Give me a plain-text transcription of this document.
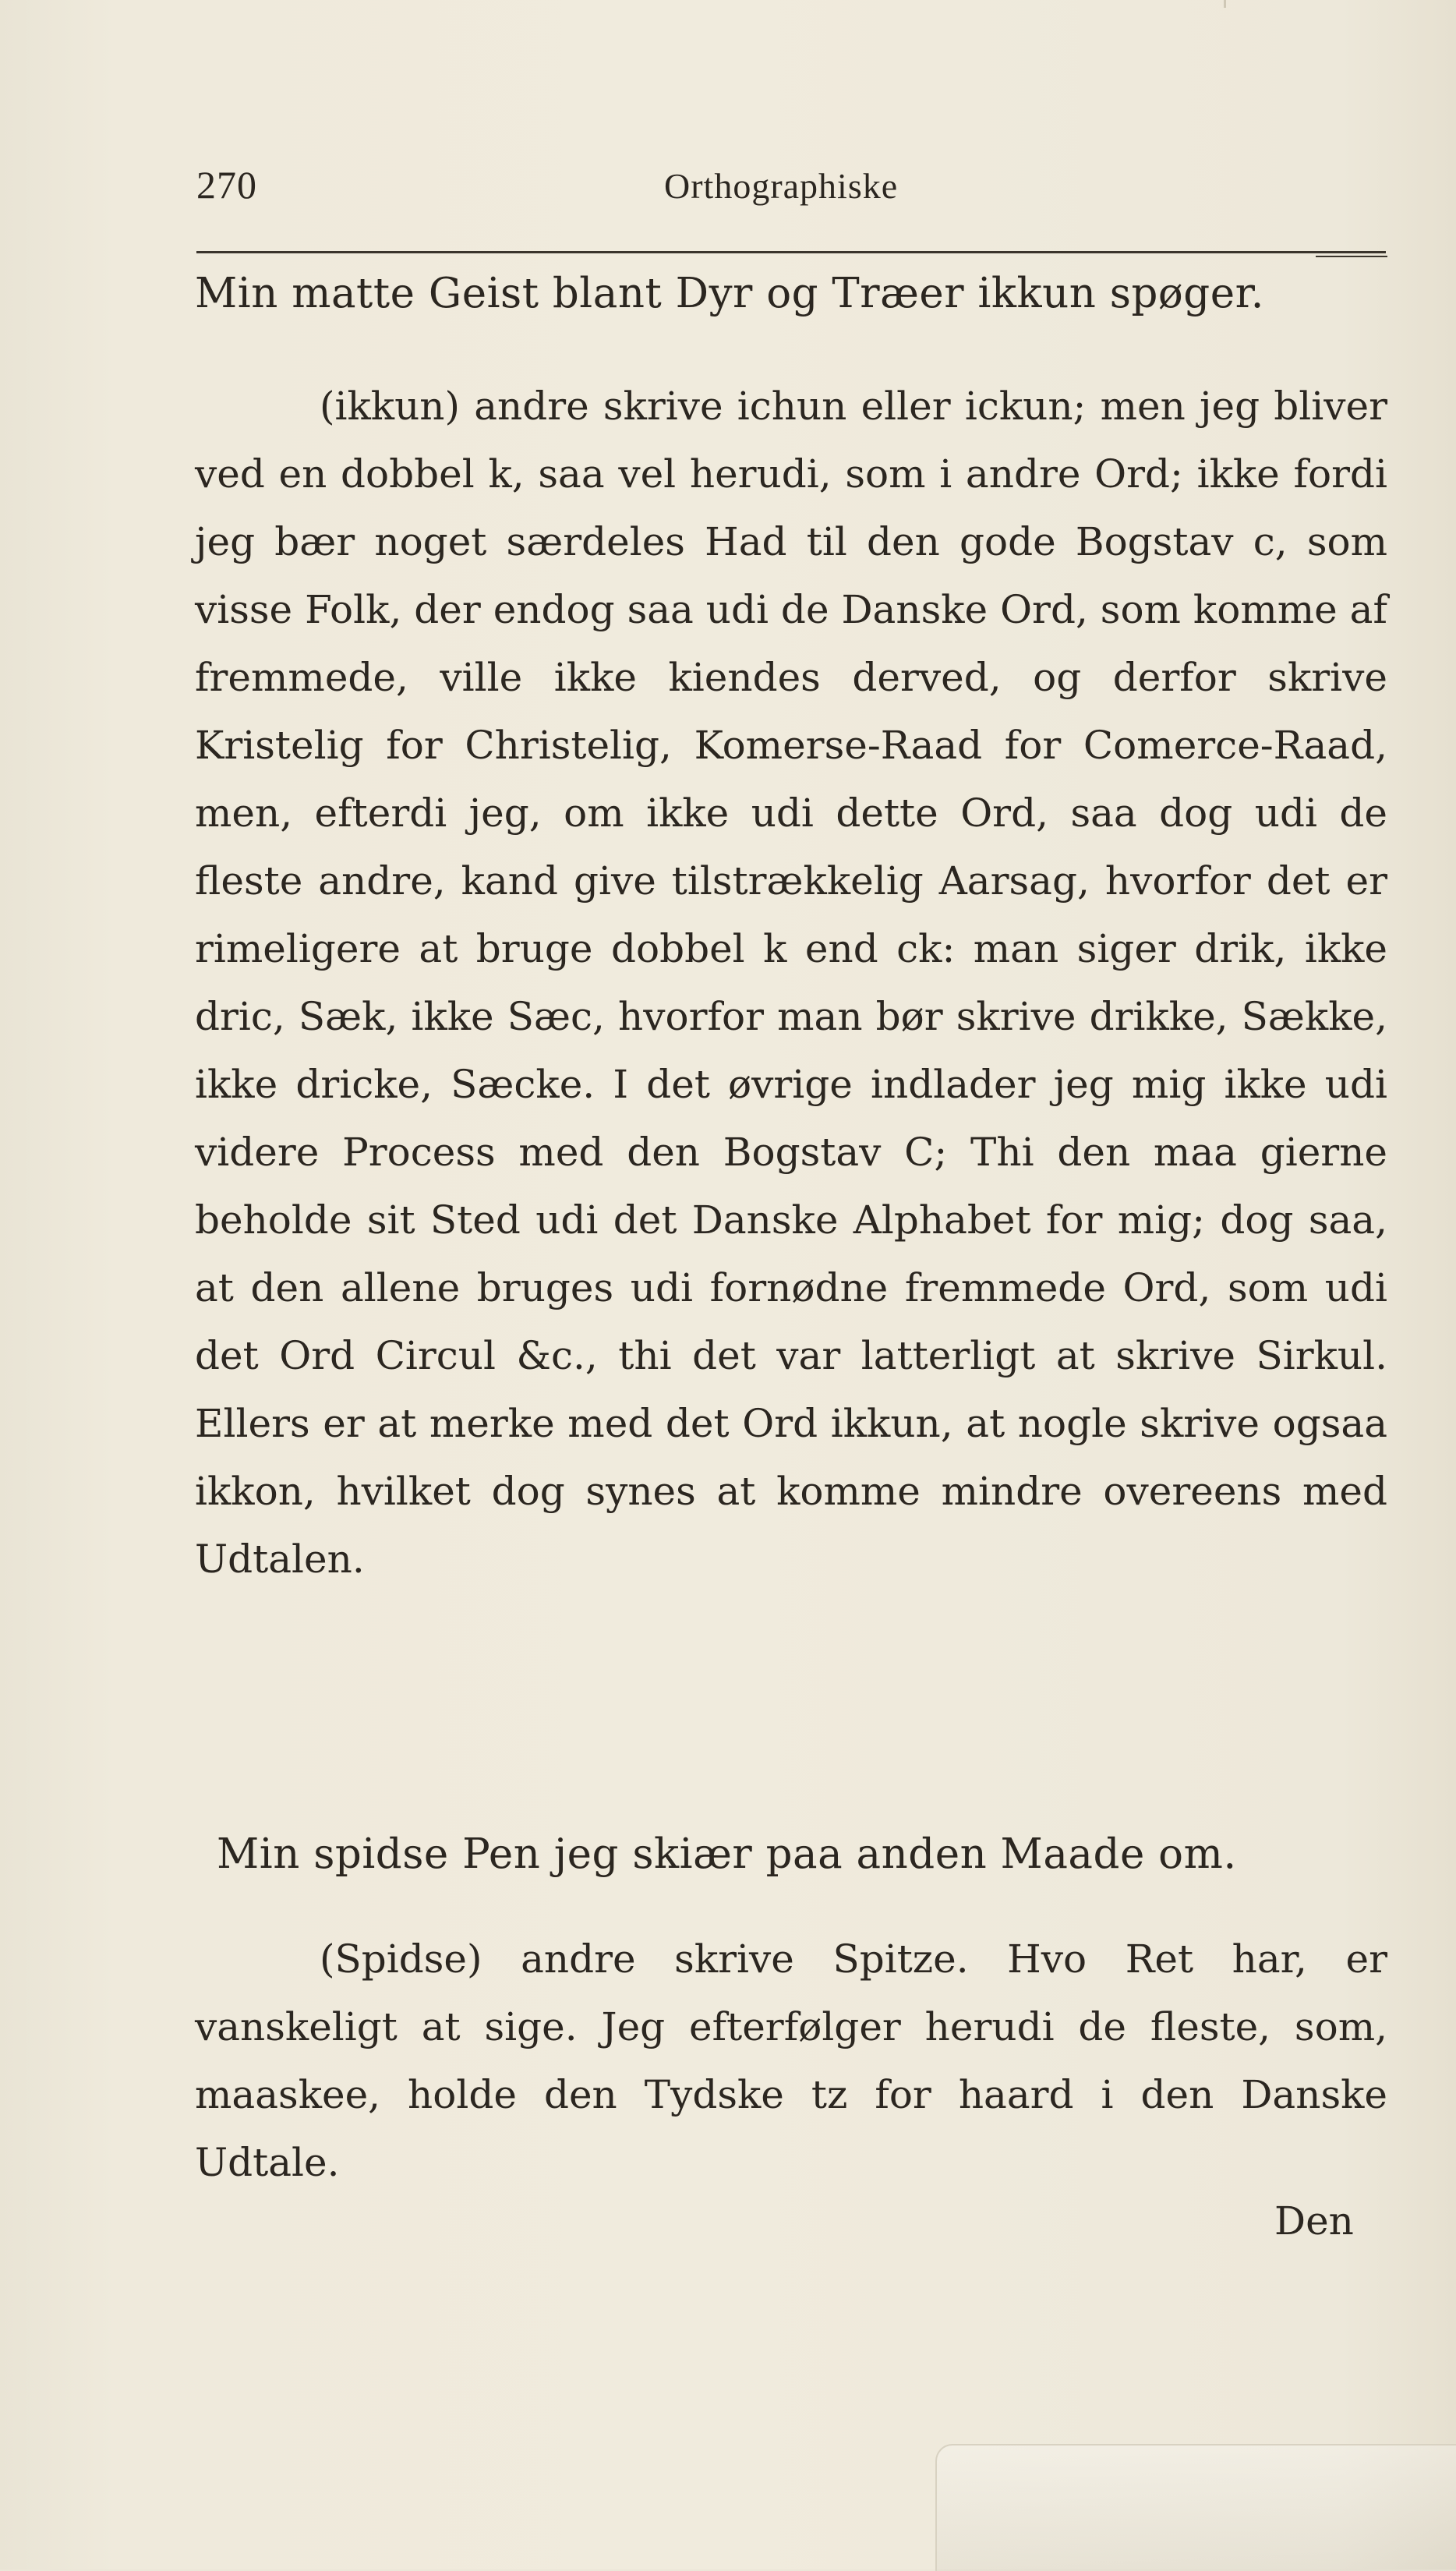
270	Orthographiske
Min matte Geist blant Dyr og Træer ikkun spøger.
(ikkun) andre skrive ichun eller ickun; men jeg bliver ved en dobbel k, saa vel herudi, som i andre Ord; ikke fordi jeg bær noget særdeles Had til den gode Bogstav c, som visse Folk, der endog saa udi de Danske Ord, som komme af fremmede, ville ikke kiendes derved, og derfor skrive Kristelig for Christelig, Komerse-Raad for Comerce-Raad, men, efterdi jeg, om ikke udi dette Ord, saa dog udi de fleste andre, kand give tilstrækkelig Aarsag, hvorfor det er rimeligere at bruge dobbel k end ck: man siger drik, ikke dric, Sæk, ikke Sæc, hvorfor man bør skrive drikke, Sække, ikke dricke, Sæcke. I det øvrige indlader jeg mig ikke udi videre Process med den Bogstav C; Thi den maa gierne beholde sit Sted udi det Danske Alphabet for mig; dog saa, at den allene bruges udi fornødne fremmede Ord, som udi det Ord Circul &c., thi det var latterligt at skrive Sirkul. Ellers er at merke med det Ord ikkun, at nogle skrive ogsaa ikkon, hvilket dog synes at komme mindre overeens med Udtalen.
Min spidse Pen jeg skiær paa anden Maade om.
(Spidse) andre skrive Spitze. Hvo Ret har, er vanskeligt at sige. Jeg efterfølger herudi de fleste, som, maaskee, holde den Tydske tz for haard i den Danske Udtale.
Den
